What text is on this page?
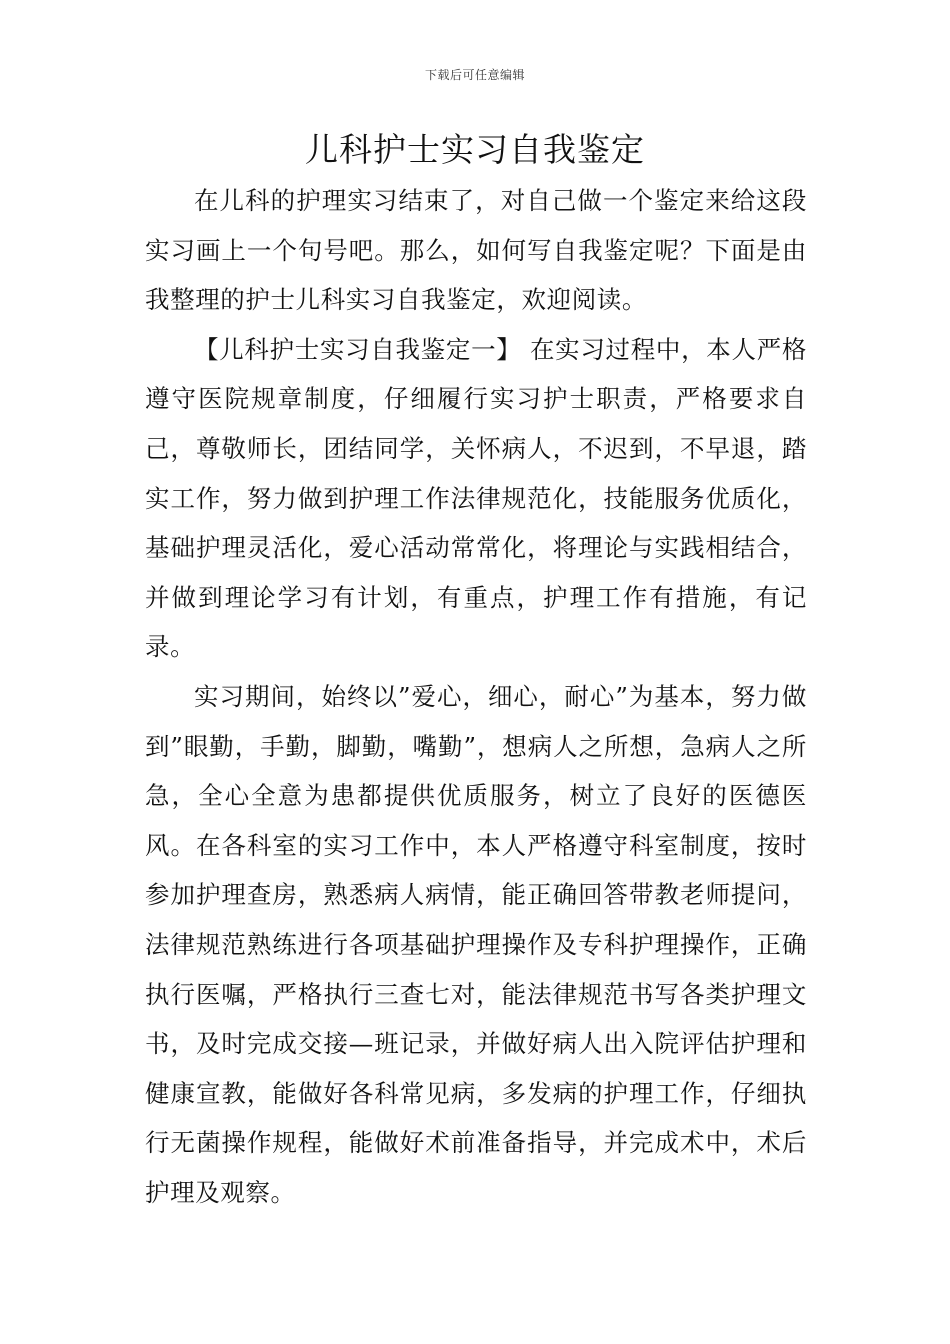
下载后可任意编辑
儿科护士实习自我鉴定

在儿科的护理实习结束了，对自己做一个鉴定来给这段实习画上一个句号吧。那么，如何写自我鉴定呢？下面是由我整理的护士儿科实习自我鉴定，欢迎阅读。

【儿科护士实习自我鉴定一】 在实习过程中，本人严格遵守医院规章制度，仔细履行实习护士职责，严格要求自己，尊敬师长，团结同学，关怀病人，不迟到，不早退，踏实工作，努力做到护理工作法律规范化，技能服务优质化，基础护理灵活化，爱心活动常常化，将理论与实践相结合，并做到理论学习有计划，有重点，护理工作有措施，有记录。

实习期间，始终以”爱心，细心，耐心”为基本，努力做到”眼勤，手勤，脚勤，嘴勤”，想病人之所想，急病人之所急，全心全意为患都提供优质服务，树立了良好的医德医风。在各科室的实习工作中，本人严格遵守科室制度，按时参加护理查房，熟悉病人病情，能正确回答带教老师提问，法律规范熟练进行各项基础护理操作及专科护理操作，正确执行医嘱，严格执行三查七对，能法律规范书写各类护理文书，及时完成交接—班记录，并做好病人出入院评估护理和健康宣教，能做好各科常见病，多发病的护理工作，仔细执行无菌操作规程，能做好术前准备指导，并完成术中，术后护理及观察。
